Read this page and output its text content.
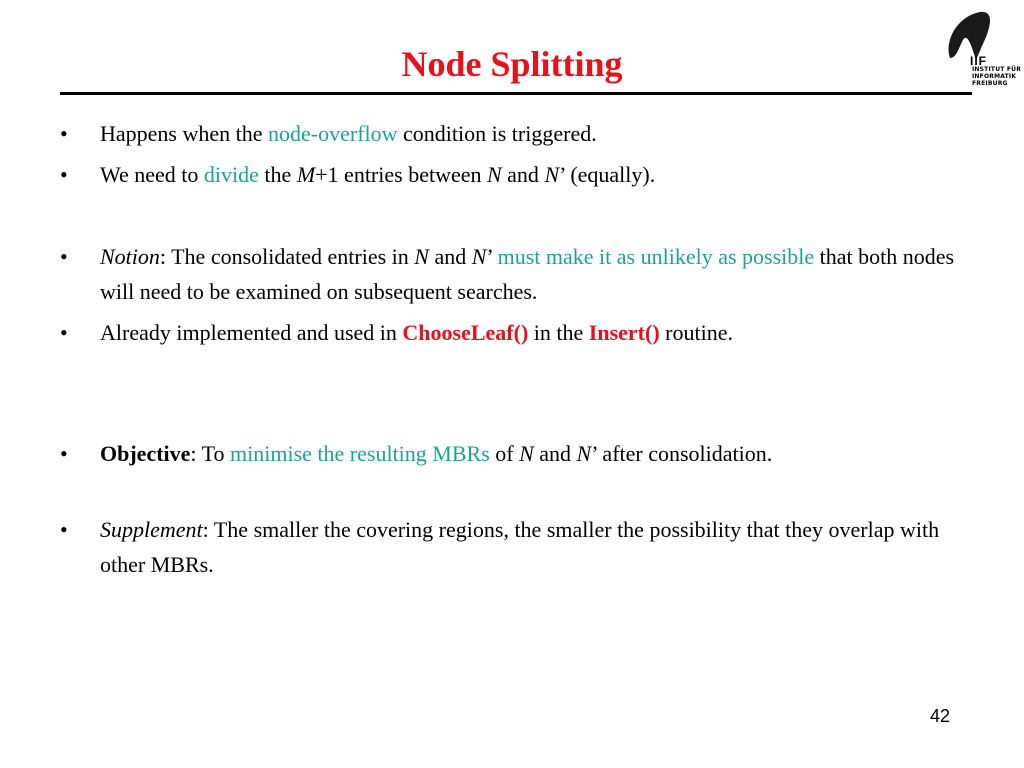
Node Splitting	IIF
INSTITUT FÜR
INFORMATIK
FREIBURG
•	Happens when the node-overflow condition is triggered.
•	We need to divide the M+1 entries between N and N’ (equally).
•	Notion: The consolidated entries in N and N’ must make it as unlikely as possible that both nodes will need to be examined on subsequent searches.
•	Already implemented and used in ChooseLeaf() in the Insert() routine.
•	Objective: To minimise the resulting MBRs of N and N’ after consolidation.
•	Supplement: The smaller the covering regions, the smaller the possibility that they overlap with other MBRs.
42
